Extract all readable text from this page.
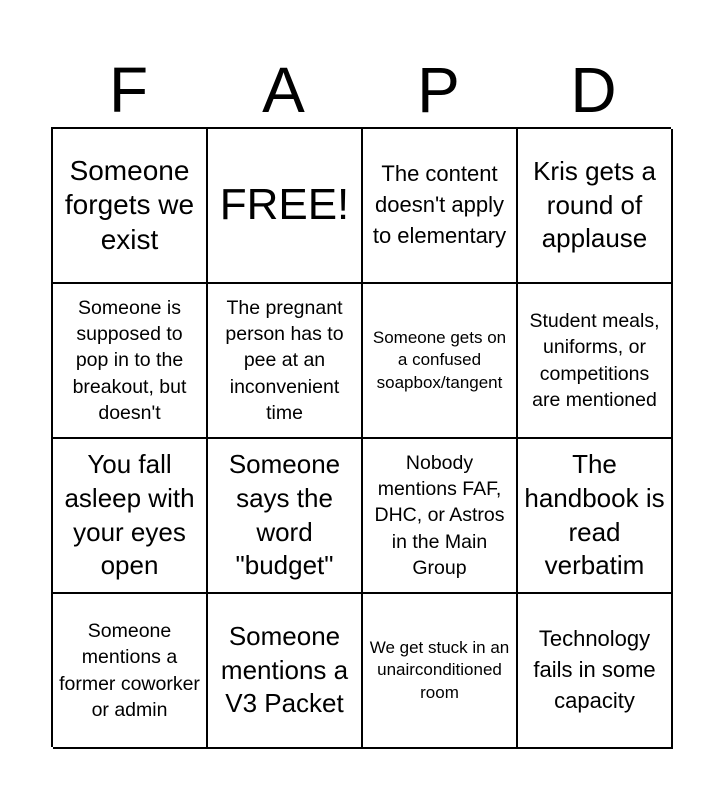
F	A	P	D
Someone forgets we exist
FREE!
The content doesn't apply to elementary
Kris gets a round of applause
Someone is supposed to pop in to the breakout, but doesn't
The pregnant person has to pee at an inconvenient time
Someone gets on a confused soapbox/tangent
Student meals, uniforms, or competitions are mentioned
You fall asleep with your eyes open
Someone says the word "budget"
Nobody mentions FAF, DHC, or Astros in the Main Group
The handbook is read verbatim
Someone mentions a former coworker or admin
Someone mentions a V3 Packet
We get stuck in an unairconditioned room
Technology fails in some capacity
